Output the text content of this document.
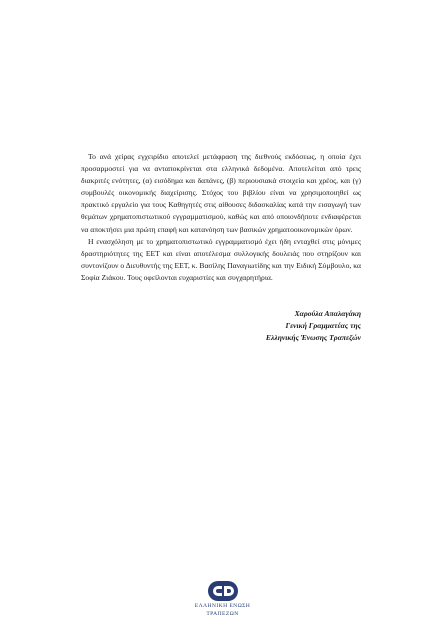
Το ανά χείρας εγχειρίδιο αποτελεί μετάφραση της διεθνούς εκδόσεως, η οποία έχει προσαρμοστεί για να ανταποκρίνεται στα ελληνικά δεδομένα. Αποτελείται από τρεις διακριτές ενότητες, (α) εισόδημα και δαπάνες, (β) περιουσιακά στοιχεία και χρέος, και (γ) συμβουλές οικονομικής διαχείρισης. Στόχος του βιβλίου είναι να χρησιμοποιηθεί ως πρακτικό εργαλείο για τους Καθηγητές στις αίθουσες διδασκαλίας κατά την εισαγωγή των θεμάτων χρηματοπιστωτικού εγγραμματισμού, καθώς και από οποιονδήποτε ενδιαφέρεται να αποκτήσει μια πρώτη επαφή και κατανόηση των βασικών χρηματοοικονομικών όρων.

Η ενασχόληση με το χρηματοπιστωτικό εγγραμματισμό έχει ήδη ενταχθεί στις μόνιμες δραστηριότητες της ΕΕΤ και είναι αποτέλεσμα συλλογικής δουλειάς που στηρίζουν και συντονίζουν ο Διευθυντής της ΕΕΤ, κ. Βασίλης Παναγιωτίδης και την Ειδική Σύμβουλο, κα Σοφία Ζιάκου. Τους οφείλονται ευχαριστίες και συγχαρητήρια.

Χαρούλα Απαλαγάκη
Γενική Γραμματέας της
Ελληνικής Ένωσης Τραπεζών
ΕΛΛΗΝΙΚΗ ΕΝΩΣΗ
ΤΡΑΠΕΖΩΝ
